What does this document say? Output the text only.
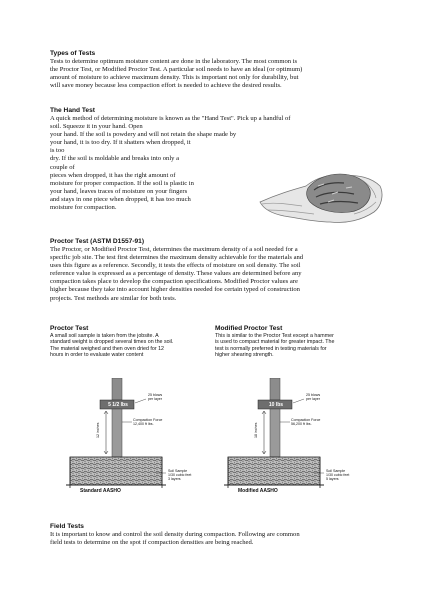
Types of Tests

Tests to determine optimum moisture content are done in the laboratory. The most common is
the Proctor Test, or Modified Proctor Test. A particular soil needs to have an ideal (or optimum)
amount of moisture to achieve maximum density. This is important not only for durability, but
will save money because less compaction effort is needed to achieve the desired results.

The Hand Test

A quick method of determining moisture is known as the "Hand Test". Pick up a handful of
soil. Squeeze it in your hand. Open
your hand. If the soil is powdery and will not retain the shape made by
your hand, it is too dry. If it shatters when dropped, it
is too
dry. If the soil is moldable and breaks into only a
couple of
pieces when dropped, it has the right amount of
moisture for proper compaction. If the soil is plastic in
your hand, leaves traces of moisture on your fingers
and stays in one piece when dropped, it has too much
moisture for compaction.

Proctor Test (ASTM D1557-91)

The Proctor, or Modified Proctor Test, determines the maximum density of a soil needed for a
specific job site. The test first determines the maximum density achievable for the materials and
uses this figure as a reference. Secondly, it tests the effects of moisture on soil density. The soil
reference value is expressed as a percentage of density. These values are determined before any
compaction takes place to develop the compaction specifications. Modified Proctor values are
higher because they take into account higher densities needed foe certain typed of construction
projects. Test methods are similar for both tests.

Proctor Test
A small soil sample is taken from the jobsite. A
standard weight is dropped several times on the soil.
The material weighed and then oven dried for 12
hours in order to evaluate water content
Modified Proctor Test
This is similar to the Proctor Test except a hammer
is used to compact material for greater impact. The
test is normally preferred in testing materials for
higher shearing strength.
5 1/2 lbs
25 blows
per layer
Compaction Force
12,400 ft lbs.
12 inches
Soil Sample
1/30 cubic feet
3 layers
Standard AASHO
10 lbs
25 blows
per layer
Compaction Force
56,200 ft lbs.
18 inches
Soil Sample
1/30 cubic feet
5 layers
Modified AASHO
Field Tests

It is important to know and control the soil density during compaction. Following are common
field tests to determine on the spot if compaction densities are being reached.
